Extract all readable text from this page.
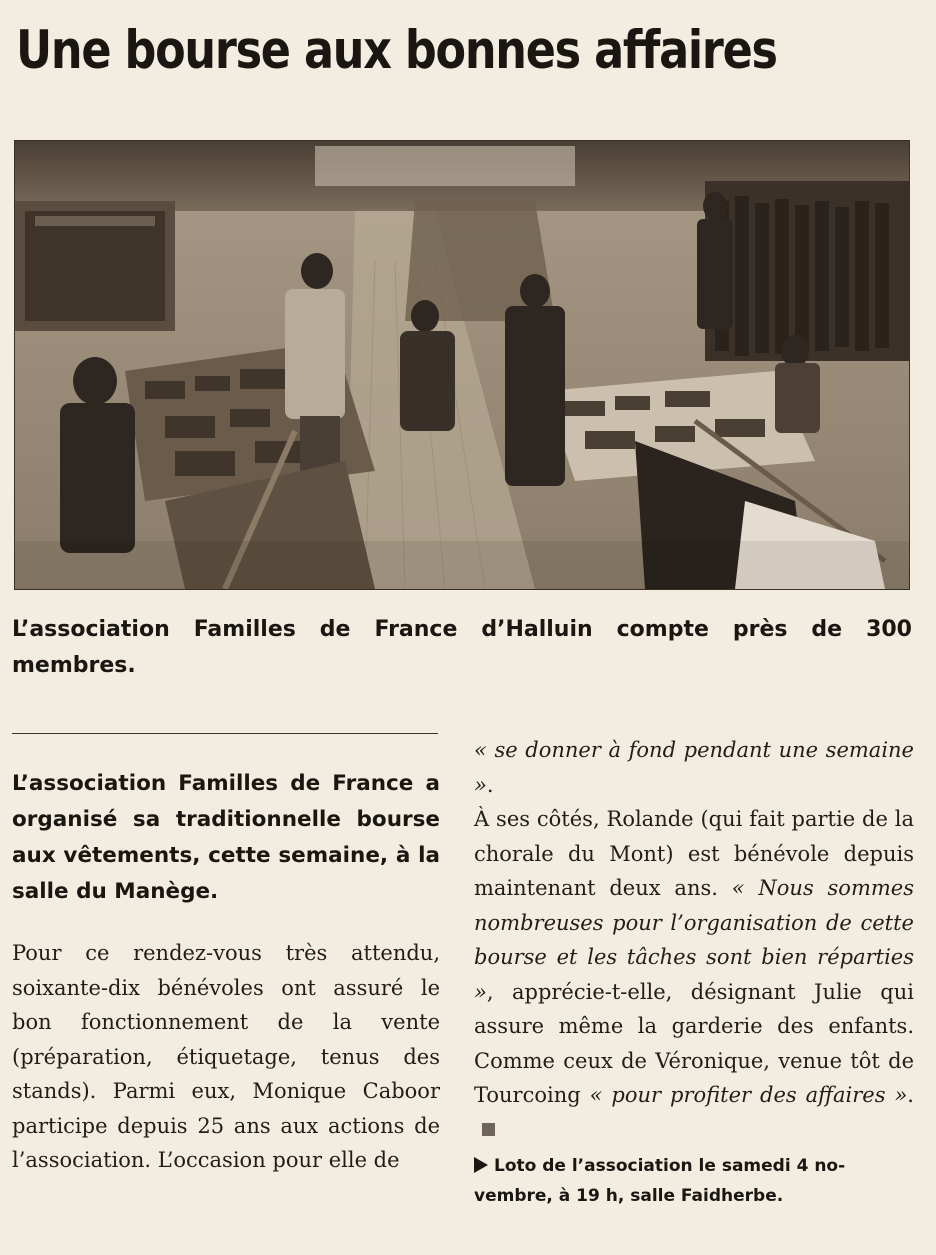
Une bourse aux bonnes affaires

L’association Familles de France d’Halluin compte près de 300 membres.

L’association Familles de France a organisé sa traditionnelle bourse aux vêtements, cette semaine, à la salle du Manège.

Pour ce rendez-vous très attendu, soixante-dix bénévoles ont assuré le bon fonctionnement de la vente (préparation, étiquetage, tenus des stands). Parmi eux, Monique Caboor participe depuis 25 ans aux actions de l’association. L’occasion pour elle de

« se donner à fond pendant une semaine ».

À ses côtés, Rolande (qui fait partie de la chorale du Mont) est bénévole depuis maintenant deux ans. « Nous sommes nombreuses pour l’organisation de cette bourse et les tâches sont bien réparties », apprécie-t-elle, désignant Julie qui assure même la garderie des enfants. Comme ceux de Véronique, venue tôt de Tourcoing « pour profiter des affaires ».

Loto de l’association le samedi 4 novembre, à 19 h, salle Faidherbe.
